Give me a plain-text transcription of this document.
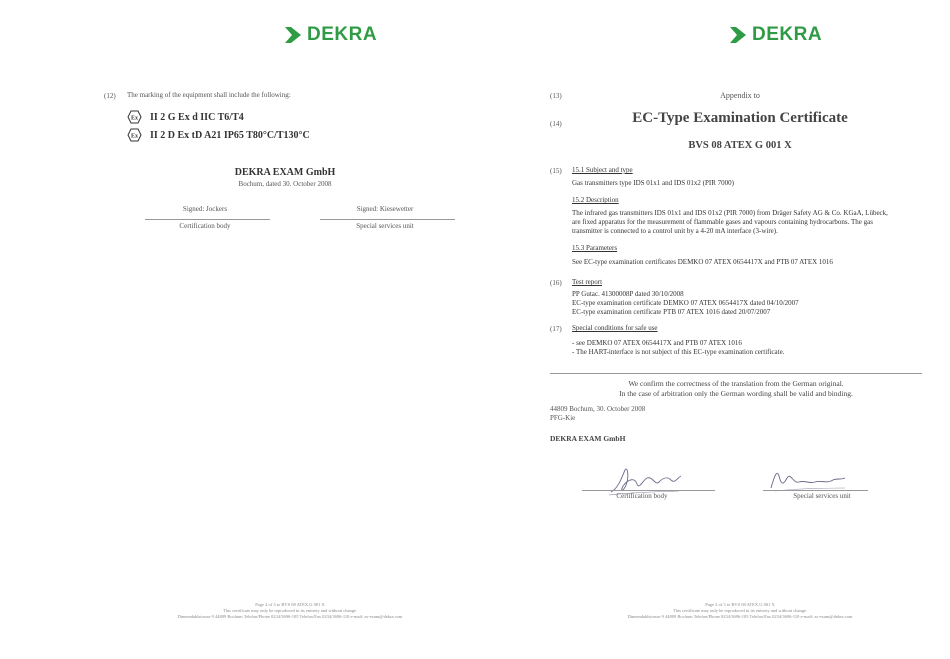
DEKRA
(12) The marking of the equipment shall include the following:
Ex II 2 G Ex d IIC T6/T4
Ex II 2 D Ex tD A21 IP65 T80°C/T130°C
DEKRA EXAM GmbH
Bochum, dated 30. October 2008
Signed: Jockers	Signed: Kiesewetter
Certification body	Special services unit
Page 2 of 3 to BVS 08 ATEX G 001 X
This certificate may only be reproduced in its entirety and without change.
Dinnendahlstrasse 9 44809 Bochum Telefon/Phone 0234/3696-105 Telefax/Fax 0234/3696-110 e-mail: zs-exam@dekra.com
DEKRA
(13)	Appendix to
(14)	EC-Type Examination Certificate
BVS 08 ATEX G 001 X
(15) 15.1 Subject and type
Gas transmitters type IDS 01x1 and IDS 01x2 (PIR 7000)
15.2 Description
The infrared gas transmitters IDS 01x1 and IDS 01x2 (PIR 7000) from Dräger Safety AG & Co. KGaA, Lübeck,
are fixed apparatus for the measurement of flammable gases and vapours containing hydrocarbons. The gas
transmitter is connected to a control unit by a 4-20 mA interface (3-wire).
15.3 Parameters
See EC-type examination certificates DEMKO 07 ATEX 0654417X and PTB 07 ATEX 1016
(16) Test report
PP Gutac. 41300008P dated 30/10/2008
EC-type examination certificate DEMKO 07 ATEX 0654417X dated 04/10/2007
EC-type examination certificate PTB 07 ATEX 1016 dated 20/07/2007
(17) Special conditions for safe use
- see DEMKO 07 ATEX 0654417X and PTB 07 ATEX 1016
- The HART-interface is not subject of this EC-type examination certificate.
We confirm the correctness of the translation from the German original.
In the case of arbitration only the German wording shall be valid and binding.
44809 Bochum, 30. October 2008
PFG-Kie
DEKRA EXAM GmbH
Certification body	Special services unit
Page 3 of 3 to BVS 08 ATEX G 001 X
This certificate may only be reproduced in its entirety and without change.
Dinnendahlstrasse 9 44809 Bochum Telefon/Phone 0234/3696-105 Telefax/Fax 0234/3696-110 e-mail: zs-exam@dekra.com
